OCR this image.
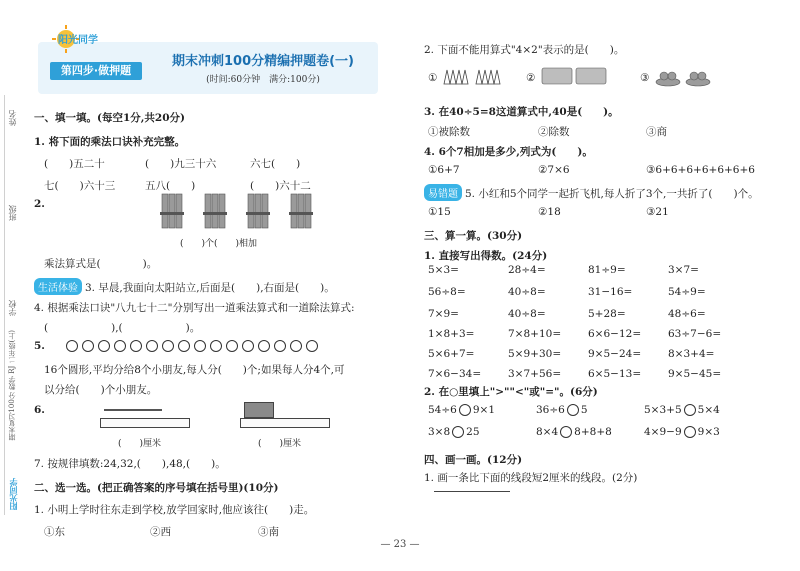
姓名
班级
学校
期末复习100分 数学 RJ 二年级(上)
阳光同学
阳光同学
第四步·做押题
期末冲刺100分精编押题卷(一)
(时间:60分钟　满分:100分)
一、填一填。(每空1分,共20分)
1. 将下面的乘法口诀补充完整。
(　　)五二十	(　　)九三十六	六七(　　)
七(　　)六十三	五八(　　)	(　　)六十二
2.
(　　)个(　　)相加
乘法算式是(　　　　)。
生活体验 3. 早晨,我面向太阳站立,后面是(　　),右面是(　　)。
4. 根据乘法口诀"八九七十二"分别写出一道乘法算式和一道除法算式:
(　　　　　　),(　　　　　　)。
5.
16个圆形,平均分给8个小朋友,每人分(　　)个;如果每人分4个,可
以分给(　　)个小朋友。
6.
(　　)厘米	(　　)厘米
7. 按规律填数:24,32,(　　),48,(　　)。
二、选一选。(把正确答案的序号填在括号里)(10分)
1. 小明上学时往东走到学校,放学回家时,他应该往(　　)走。
①东	②西	③南
2. 下面不能用算式"4×2"表示的是(　　)。
①	②	③
3. 在40÷5=8这道算式中,40是(　　)。
①被除数	②除数	③商
4. 6个7相加是多少,列式为(　　)。
①6+7	②7×6	③6+6+6+6+6+6+6
易错题 5. 小红和5个同学一起折飞机,每人折了3个,一共折了(　　)个。
①15	②18	③21
三、算一算。(30分)
1. 直接写出得数。(24分)
5×3=	28÷4=	81÷9=	3×7=
56÷8=	40÷8=	31−16=	54÷9=
7×9=	40÷8=	5+28=	48÷6=
1×8+3=	7×8+10=	6×6−12=	63÷7−6=
5×6+7=	5×9+30=	9×5−24=	8×3+4=
7×6−34=	3×7+56=	6×5−13=	9×5−45=
2. 在○里填上">""<"或"="。(6分)
54÷6 9×1	36÷6 5	5×3+5 5×4
3×8 25	8×4 8+8+8	4×9−9 9×3
四、画一画。(12分)
1. 画一条比下面的线段短2厘米的线段。(2分)
— 23 —
